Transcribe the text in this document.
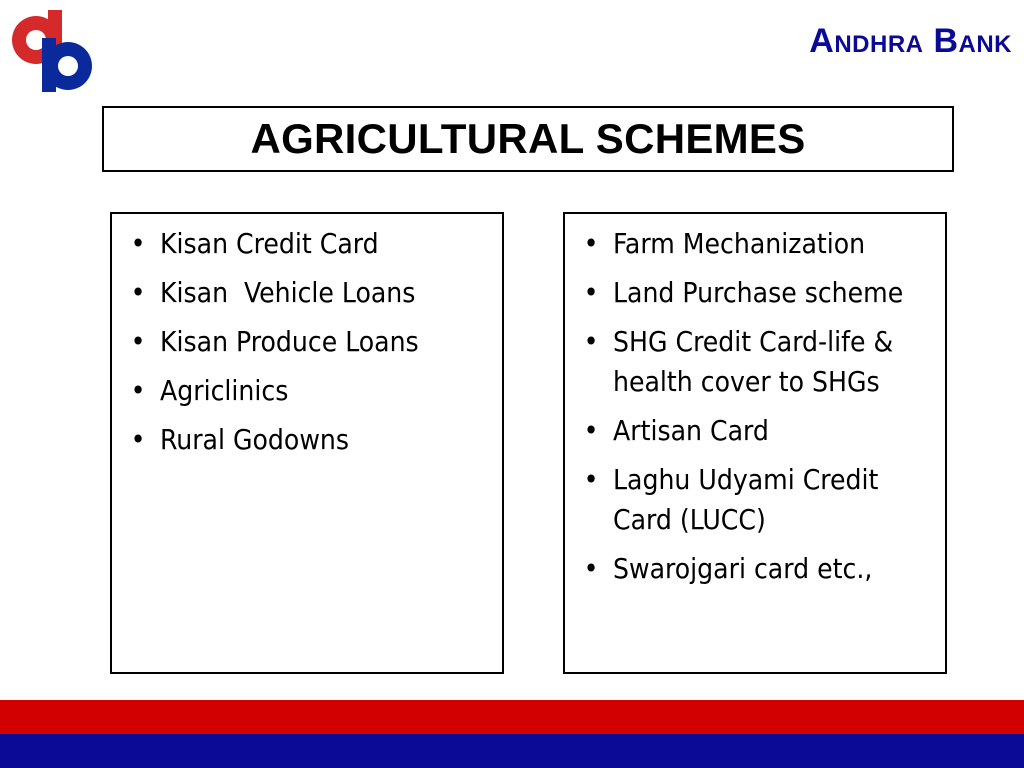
Andhra Bank
AGRICULTURAL SCHEMES
• Kisan Credit Card
• Kisan  Vehicle Loans
• Kisan Produce Loans
• Agriclinics
• Rural Godowns
• Farm Mechanization
• Land Purchase scheme
• SHG Credit Card-life & health cover to SHGs
• Artisan Card
• Laghu Udyami Credit Card (LUCC)
• Swarojgari card etc.,
